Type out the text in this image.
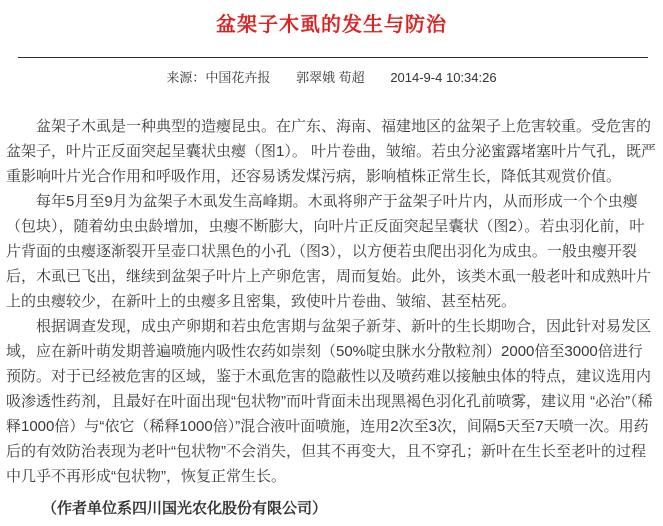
盆架子木虱的发生与防治
来源：中国花卉报 郭翠娥 荀超 2014-9-4 10:34:26

盆架子木虱是一种典型的造瘿昆虫。在广东、海南、福建地区的盆架子上危害较重。受危害的盆架子，叶片正反面突起呈囊状虫瘿（图1）。 叶片卷曲，皱缩。若虫分泌蜜露堵塞叶片气孔，既严重影响叶片光合作用和呼吸作用，还容易诱发煤污病，影响植株正常生长，降低其观赏价值。

每年5月至9月为盆架子木虱发生高峰期。木虱将卵产于盆架子叶片内，从而形成一个个虫瘿（包块），随着幼虫虫龄增加，虫瘿不断膨大，向叶片正反面突起呈囊状（图2）。若虫羽化前，叶片背面的虫瘿逐渐裂开呈壶口状黑色的小孔（图3），以方便若虫爬出羽化为成虫。一般虫瘿开裂后，木虱已飞出，继续到盆架子叶片上产卵危害，周而复始。此外，该类木虱一般老叶和成熟叶片上的虫瘿较少，在新叶上的虫瘿多且密集，致使叶片卷曲、皱缩、甚至枯死。

根据调查发现，成虫产卵期和若虫危害期与盆架子新芽、新叶的生长期吻合，因此针对易发区域，应在新叶萌发期普遍喷施内吸性农药如崇刻（50%啶虫脒水分散粒剂）2000倍至3000倍进行预防。对于已经被危害的区域，鉴于木虱危害的隐蔽性以及喷药难以接触虫体的特点，建议选用内吸渗透性药剂，且最好在叶面出现“包状物”而叶背面未出现黑褐色羽化孔前喷雾，建议用 “必治”（稀释1000倍）与“依它（稀释1000倍）”混合液叶面喷施，连用2次至3次，间隔5天至7天喷一次。用药后的有效防治表现为老叶“包状物”不会消失，但其不再变大，且不穿孔；新叶在生长至老叶的过程中几乎不再形成“包状物”，恢复正常生长。

（作者单位系四川国光农化股份有限公司）
